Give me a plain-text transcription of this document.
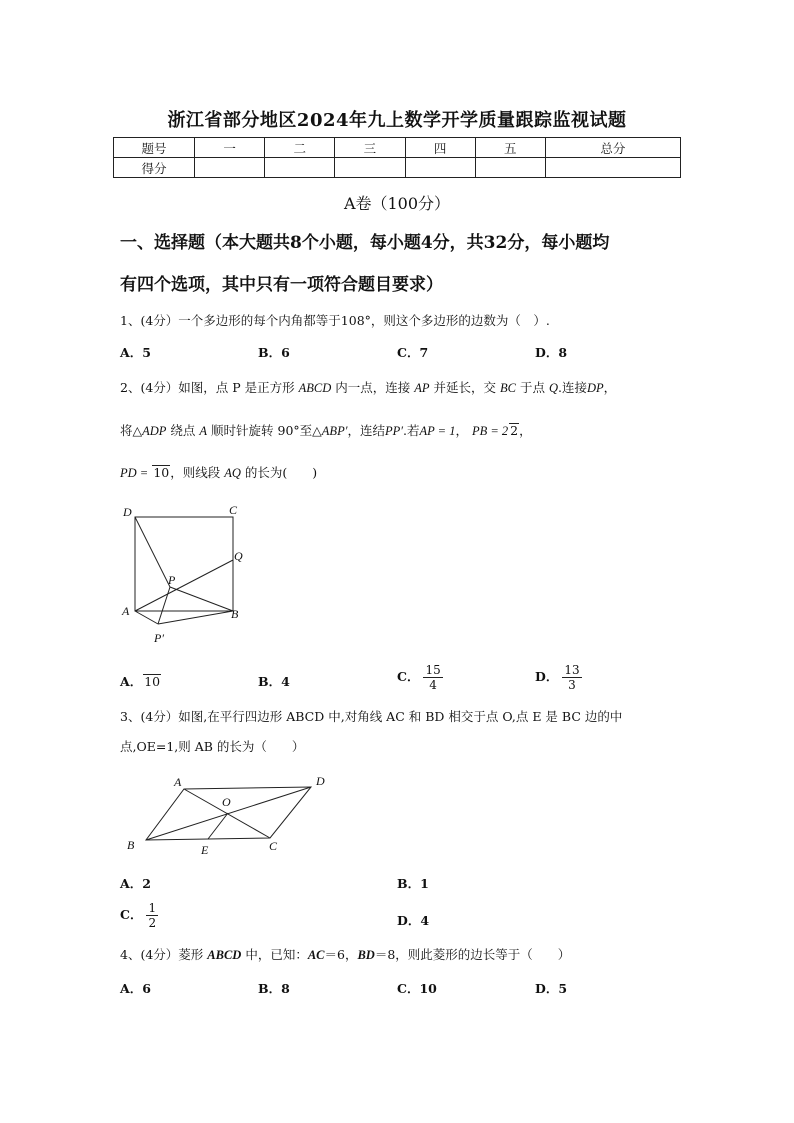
浙江省部分地区2024年九上数学开学质量跟踪监视试题
题号	一	二	三	四	五	总分
得分						
A卷（100分）
一、选择题（本大题共8个小题，每小题4分，共32分，每小题均
有四个选项，其中只有一项符合题目要求）
1、(4分）一个多边形的每个内角都等于108°，则这个多边形的边数为（　）.
A．5	B．6	C．7	D．8
2、(4分）如图，点 P 是正方形 ABCD 内一点，连接 AP 并延长，交 BC 于点 Q.连接DP，
将△ADP 绕点 A 顺时针旋转 90°至△ABP′，连结PP′.若AP = 1， PB = 2 2，
PD = 10，则线段 AQ 的长为(　　)
D	C
Q
P
A	B
P′
A． 10	B．4	C． $\frac{15}{4}$	D． $\frac{13}{3}$
3、(4分）如图,在平行四边形 ABCD 中,对角线 AC 和 BD 相交于点 O,点 E 是 BC 边的中
点,OE=1,则 AB 的长为（　　）
A	D
O
B	E	C
A．2	B．1
C． $\frac{1}{2}$	D．4
4、(4分）菱形 ABCD 中，已知：AC＝6，BD＝8，则此菱形的边长等于（　　）
A．6	B．8	C．10	D．5
